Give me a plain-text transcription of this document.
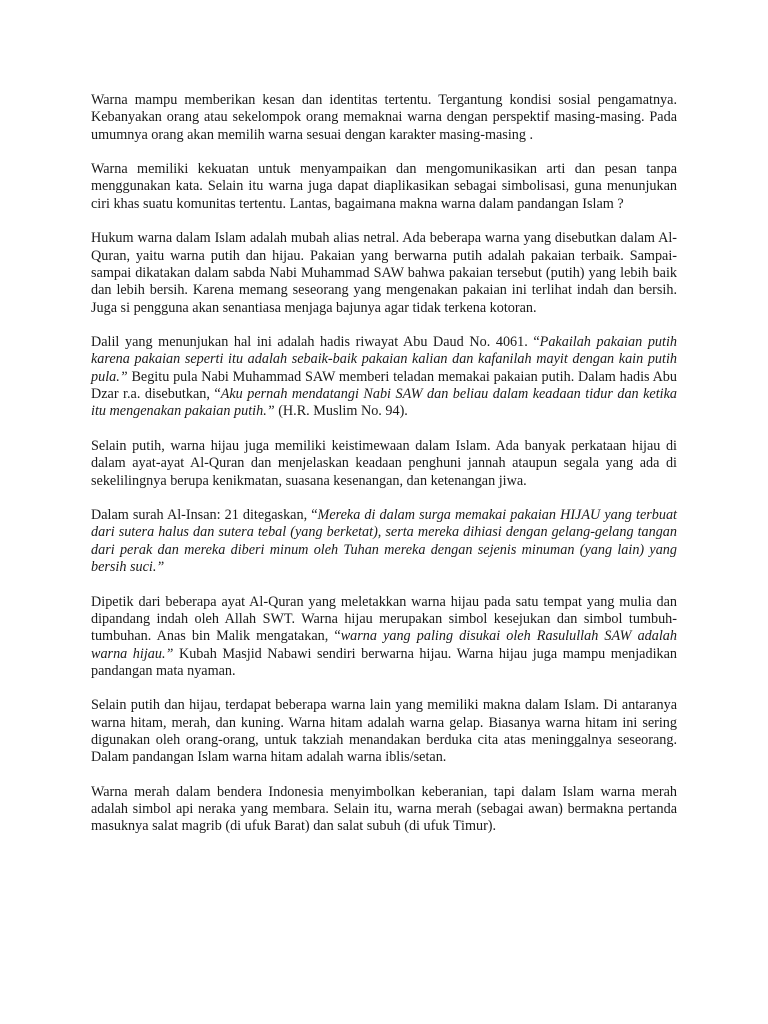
Warna mampu memberikan kesan dan identitas tertentu. Tergantung kondisi sosial pengamatnya. Kebanyakan orang atau sekelompok orang memaknai warna dengan perspektif masing-masing. Pada umumnya orang akan memilih warna sesuai dengan karakter masing-masing .

Warna memiliki kekuatan untuk menyampaikan dan mengomunikasikan arti dan pesan tanpa menggunakan kata. Selain itu warna juga dapat diaplikasikan sebagai simbolisasi, guna menunjukan ciri khas suatu komunitas tertentu. Lantas, bagaimana makna warna dalam pandangan Islam ?

Hukum warna dalam Islam adalah mubah alias netral. Ada beberapa warna yang disebutkan dalam Al-Quran, yaitu warna putih dan hijau. Pakaian yang berwarna putih adalah pakaian terbaik. Sampai-sampai dikatakan dalam sabda Nabi Muhammad SAW bahwa pakaian tersebut (putih) yang lebih baik dan lebih bersih. Karena memang seseorang yang mengenakan pakaian ini terlihat indah dan bersih. Juga si pengguna akan senantiasa menjaga bajunya agar tidak terkena kotoran.

Dalil yang menunjukan hal ini adalah hadis riwayat Abu Daud No. 4061. “Pakailah pakaian putih karena pakaian seperti itu adalah sebaik-baik pakaian kalian dan kafanilah mayit dengan kain putih pula.” Begitu pula Nabi Muhammad SAW memberi teladan memakai pakaian putih. Dalam hadis Abu Dzar r.a. disebutkan, “Aku pernah mendatangi Nabi SAW dan beliau dalam keadaan tidur dan ketika itu mengenakan pakaian putih.” (H.R. Muslim No. 94).

Selain putih, warna hijau juga memiliki keistimewaan dalam Islam. Ada banyak perkataan hijau di dalam ayat-ayat Al-Quran dan menjelaskan keadaan penghuni jannah ataupun segala yang ada di sekelilingnya berupa kenikmatan, suasana kesenangan, dan ketenangan jiwa.

Dalam surah Al-Insan: 21 ditegaskan, “Mereka di dalam surga memakai pakaian HIJAU yang terbuat dari sutera halus dan sutera tebal (yang berketat), serta mereka dihiasi dengan gelang-gelang tangan dari perak dan mereka diberi minum oleh Tuhan mereka dengan sejenis minuman (yang lain) yang bersih suci.”

Dipetik dari beberapa ayat Al-Quran yang meletakkan warna hijau pada satu tempat yang mulia dan dipandang indah oleh Allah SWT. Warna hijau merupakan simbol kesejukan dan simbol tumbuh-tumbuhan. Anas bin Malik mengatakan, “warna yang paling disukai oleh Rasulullah SAW adalah warna hijau.” Kubah Masjid Nabawi sendiri berwarna hijau. Warna hijau juga mampu menjadikan pandangan mata nyaman.

Selain putih dan hijau, terdapat beberapa warna lain yang memiliki makna dalam Islam. Di antaranya warna hitam, merah, dan kuning. Warna hitam adalah warna gelap. Biasanya warna hitam ini sering digunakan oleh orang-orang, untuk takziah menandakan berduka cita atas meninggalnya seseorang. Dalam pandangan Islam warna hitam adalah warna iblis/setan.

Warna merah dalam bendera Indonesia menyimbolkan keberanian, tapi dalam Islam warna merah adalah simbol api neraka yang membara. Selain itu, warna merah (sebagai awan) bermakna pertanda masuknya salat magrib (di ufuk Barat) dan salat subuh (di ufuk Timur).
